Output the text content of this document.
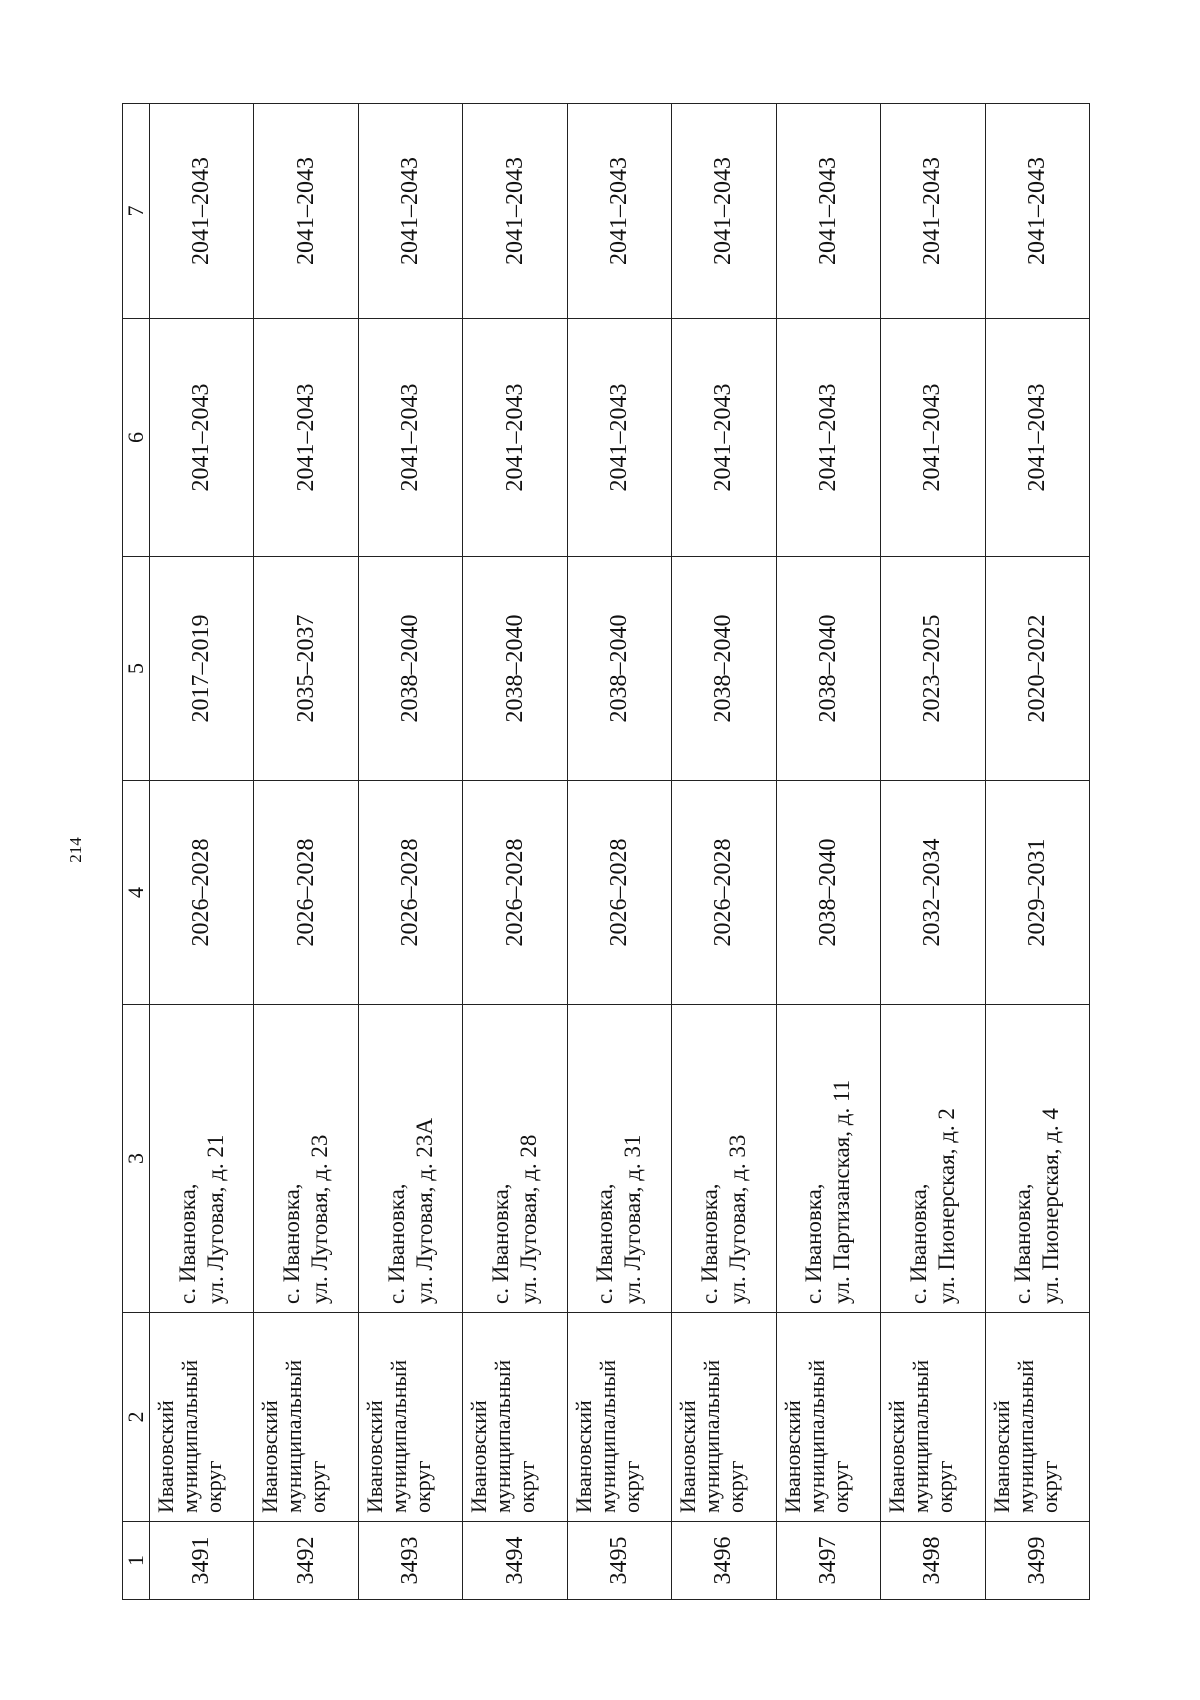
214
1	2	3	4	5	6	7
3491	Ивановский муниципальный округ	с. Ивановка, ул. Луговая, д. 21	2026–2028	2017–2019	2041–2043	2041–2043
3492	Ивановский муниципальный округ	с. Ивановка, ул. Луговая, д. 23	2026–2028	2035–2037	2041–2043	2041–2043
3493	Ивановский муниципальный округ	с. Ивановка, ул. Луговая, д. 23А	2026–2028	2038–2040	2041–2043	2041–2043
3494	Ивановский муниципальный округ	с. Ивановка, ул. Луговая, д. 28	2026–2028	2038–2040	2041–2043	2041–2043
3495	Ивановский муниципальный округ	с. Ивановка, ул. Луговая, д. 31	2026–2028	2038–2040	2041–2043	2041–2043
3496	Ивановский муниципальный округ	с. Ивановка, ул. Луговая, д. 33	2026–2028	2038–2040	2041–2043	2041–2043
3497	Ивановский муниципальный округ	с. Ивановка, ул. Партизанская, д. 11	2038–2040	2038–2040	2041–2043	2041–2043
3498	Ивановский муниципальный округ	с. Ивановка, ул. Пионерская, д. 2	2032–2034	2023–2025	2041–2043	2041–2043
3499	Ивановский муниципальный округ	с. Ивановка, ул. Пионерская, д. 4	2029–2031	2020–2022	2041–2043	2041–2043
